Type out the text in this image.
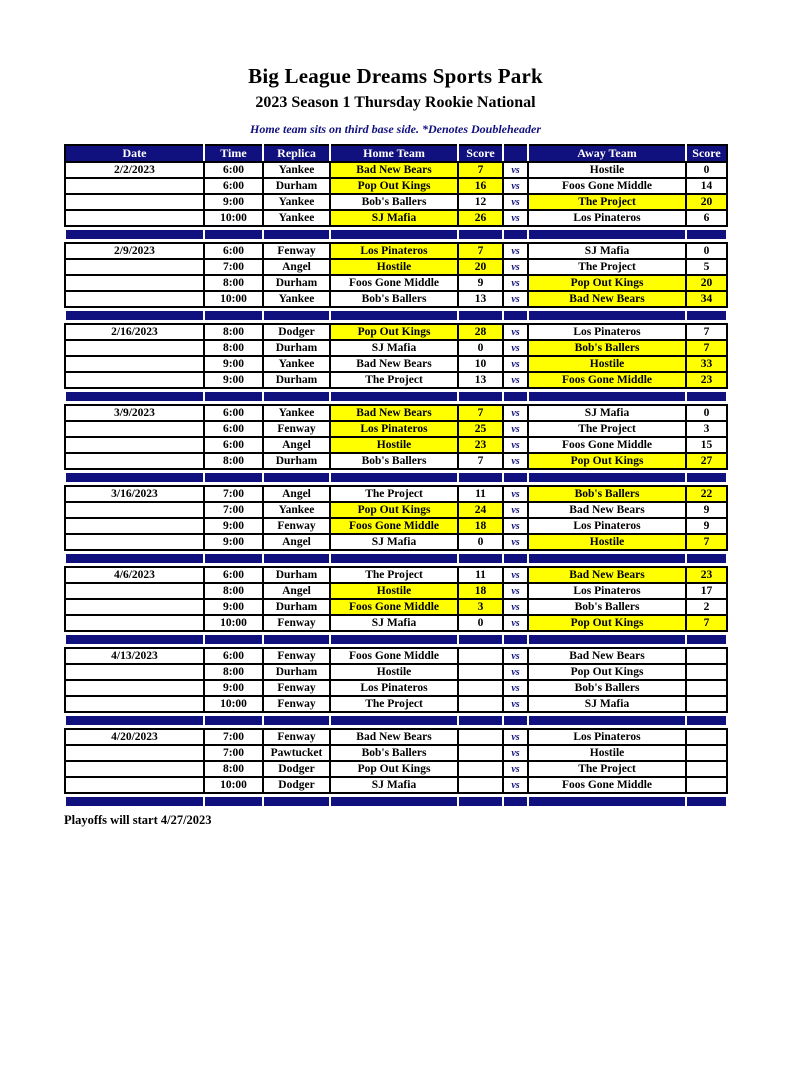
Big League Dreams Sports Park
2023 Season 1 Thursday Rookie National
Home team sits on third base side. *Denotes Doubleheader
Date	Time	Replica	Home Team	Score		Away Team	Score
2/2/2023	6:00	Yankee	Bad New Bears	7	vs	Hostile	0
	6:00	Durham	Pop Out Kings	16	vs	Foos Gone Middle	14
	9:00	Yankee	Bob's Ballers	12	vs	The Project	20
	10:00	Yankee	SJ Mafia	26	vs	Los Pinateros	6

2/9/2023	6:00	Fenway	Los Pinateros	7	vs	SJ Mafia	0
	7:00	Angel	Hostile	20	vs	The Project	5
	8:00	Durham	Foos Gone Middle	9	vs	Pop Out Kings	20
	10:00	Yankee	Bob's Ballers	13	vs	Bad New Bears	34

2/16/2023	8:00	Dodger	Pop Out Kings	28	vs	Los Pinateros	7
	8:00	Durham	SJ Mafia	0	vs	Bob's Ballers	7
	9:00	Yankee	Bad New Bears	10	vs	Hostile	33
	9:00	Durham	The Project	13	vs	Foos Gone Middle	23

3/9/2023	6:00	Yankee	Bad New Bears	7	vs	SJ Mafia	0
	6:00	Fenway	Los Pinateros	25	vs	The Project	3
	6:00	Angel	Hostile	23	vs	Foos Gone Middle	15
	8:00	Durham	Bob's Ballers	7	vs	Pop Out Kings	27

3/16/2023	7:00	Angel	The Project	11	vs	Bob's Ballers	22
	7:00	Yankee	Pop Out Kings	24	vs	Bad New Bears	9
	9:00	Fenway	Foos Gone Middle	18	vs	Los Pinateros	9
	9:00	Angel	SJ Mafia	0	vs	Hostile	7

4/6/2023	6:00	Durham	The Project	11	vs	Bad New Bears	23
	8:00	Angel	Hostile	18	vs	Los Pinateros	17
	9:00	Durham	Foos Gone Middle	3	vs	Bob's Ballers	2
	10:00	Fenway	SJ Mafia	0	vs	Pop Out Kings	7

4/13/2023	6:00	Fenway	Foos Gone Middle		vs	Bad New Bears	
	8:00	Durham	Hostile		vs	Pop Out Kings	
	9:00	Fenway	Los Pinateros		vs	Bob's Ballers	
	10:00	Fenway	The Project		vs	SJ Mafia	

4/20/2023	7:00	Fenway	Bad New Bears		vs	Los Pinateros	
	7:00	Pawtucket	Bob's Ballers		vs	Hostile	
	8:00	Dodger	Pop Out Kings		vs	The Project	
	10:00	Dodger	SJ Mafia		vs	Foos Gone Middle	

Playoffs will start 4/27/2023
